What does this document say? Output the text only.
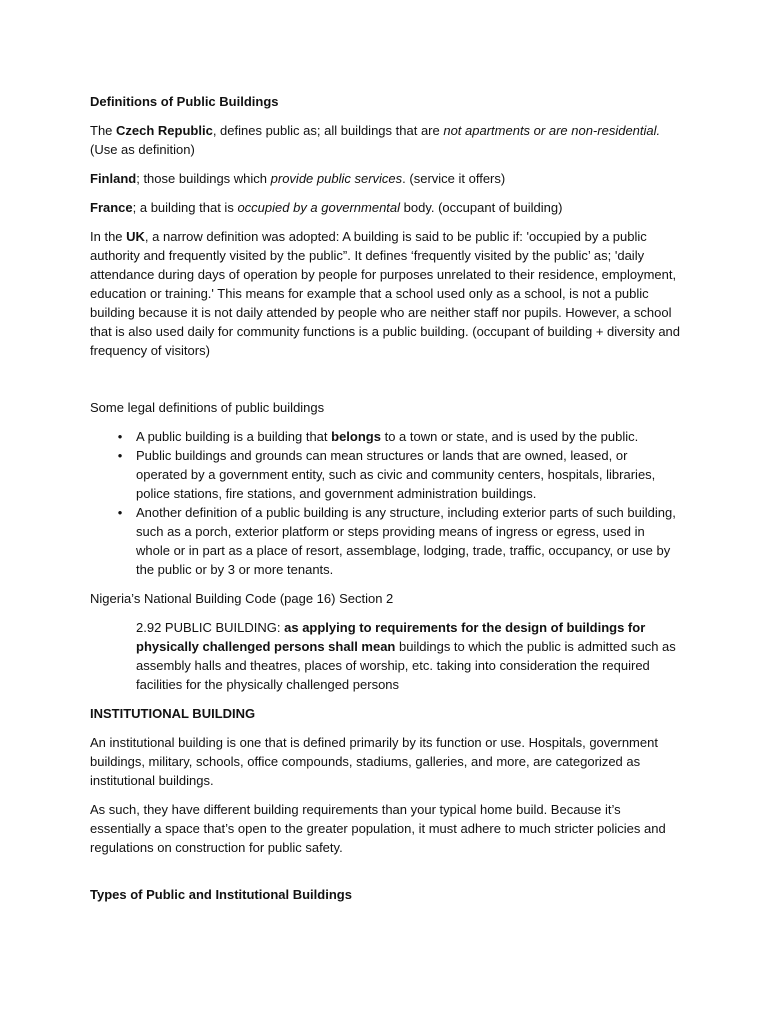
Definitions of Public Buildings

The Czech Republic, defines public as; all buildings that are not apartments or are non-residential. (Use as definition)

Finland; those buildings which provide public services. (service it offers)

France; a building that is occupied by a governmental body. (occupant of building)

In the UK, a narrow definition was adopted: A building is said to be public if: 'occupied by a public authority and frequently visited by the public”. It defines ‘frequently visited by the public’ as; 'daily attendance during days of operation by people for purposes unrelated to their residence, employment, education or training.' This means for example that a school used only as a school, is not a public building because it is not daily attended by people who are neither staff nor pupils. However, a school that is also used daily for community functions is a public building. (occupant of building + diversity and frequency of visitors)

Some legal definitions of public buildings

• A public building is a building that belongs to a town or state, and is used by the public.
• Public buildings and grounds can mean structures or lands that are owned, leased, or operated by a government entity, such as civic and community centers, hospitals, libraries, police stations, fire stations, and government administration buildings.
• Another definition of a public building is any structure, including exterior parts of such building, such as a porch, exterior platform or steps providing means of ingress or egress, used in whole or in part as a place of resort, assemblage, lodging, trade, traffic, occupancy, or use by the public or by 3 or more tenants.

Nigeria’s National Building Code (page 16) Section 2

2.92 PUBLIC BUILDING: as applying to requirements for the design of buildings for physically challenged persons shall mean buildings to which the public is admitted such as assembly halls and theatres, places of worship, etc. taking into consideration the required facilities for the physically challenged persons

INSTITUTIONAL BUILDING

An institutional building is one that is defined primarily by its function or use. Hospitals, government buildings, military, schools, office compounds, stadiums, galleries, and more, are categorized as institutional buildings.

As such, they have different building requirements than your typical home build. Because it’s essentially a space that’s open to the greater population, it must adhere to much stricter policies and regulations on construction for public safety.

Types of Public and Institutional Buildings
